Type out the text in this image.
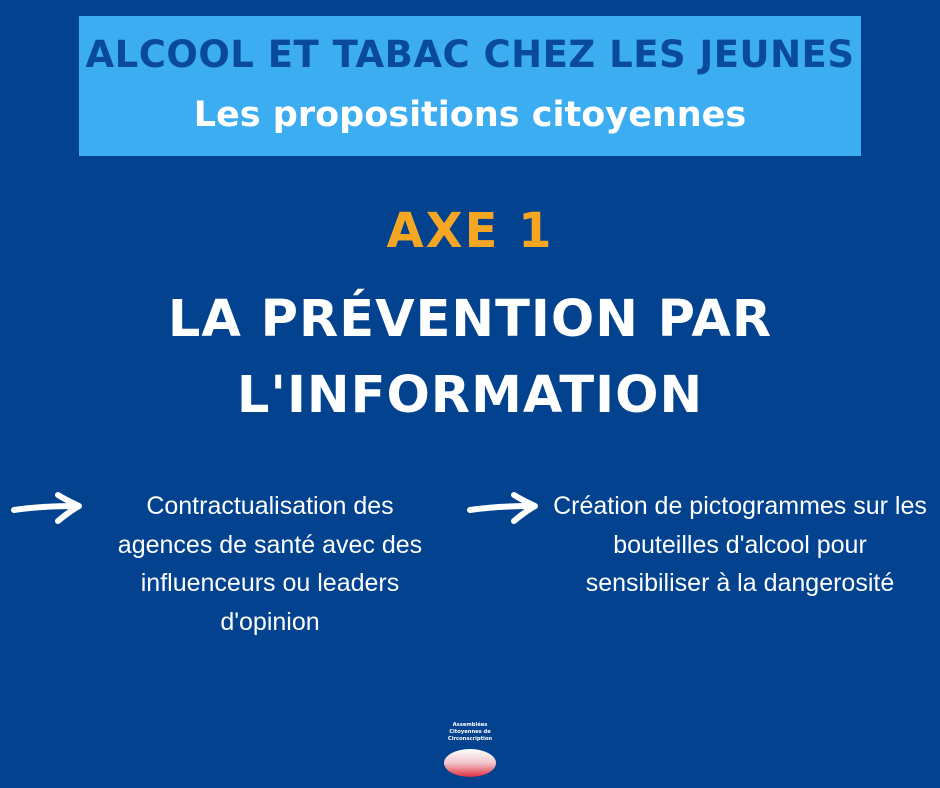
ALCOOL ET TABAC CHEZ LES JEUNES
Les propositions citoyennes
AXE 1
LA PRÉVENTION PAR L'INFORMATION
Contractualisation des agences de santé avec des influenceurs ou leaders d'opinion
Création de pictogrammes sur les bouteilles d'alcool pour sensibiliser à la dangerosité
Assemblées
Citoyennes de
Circonscription
